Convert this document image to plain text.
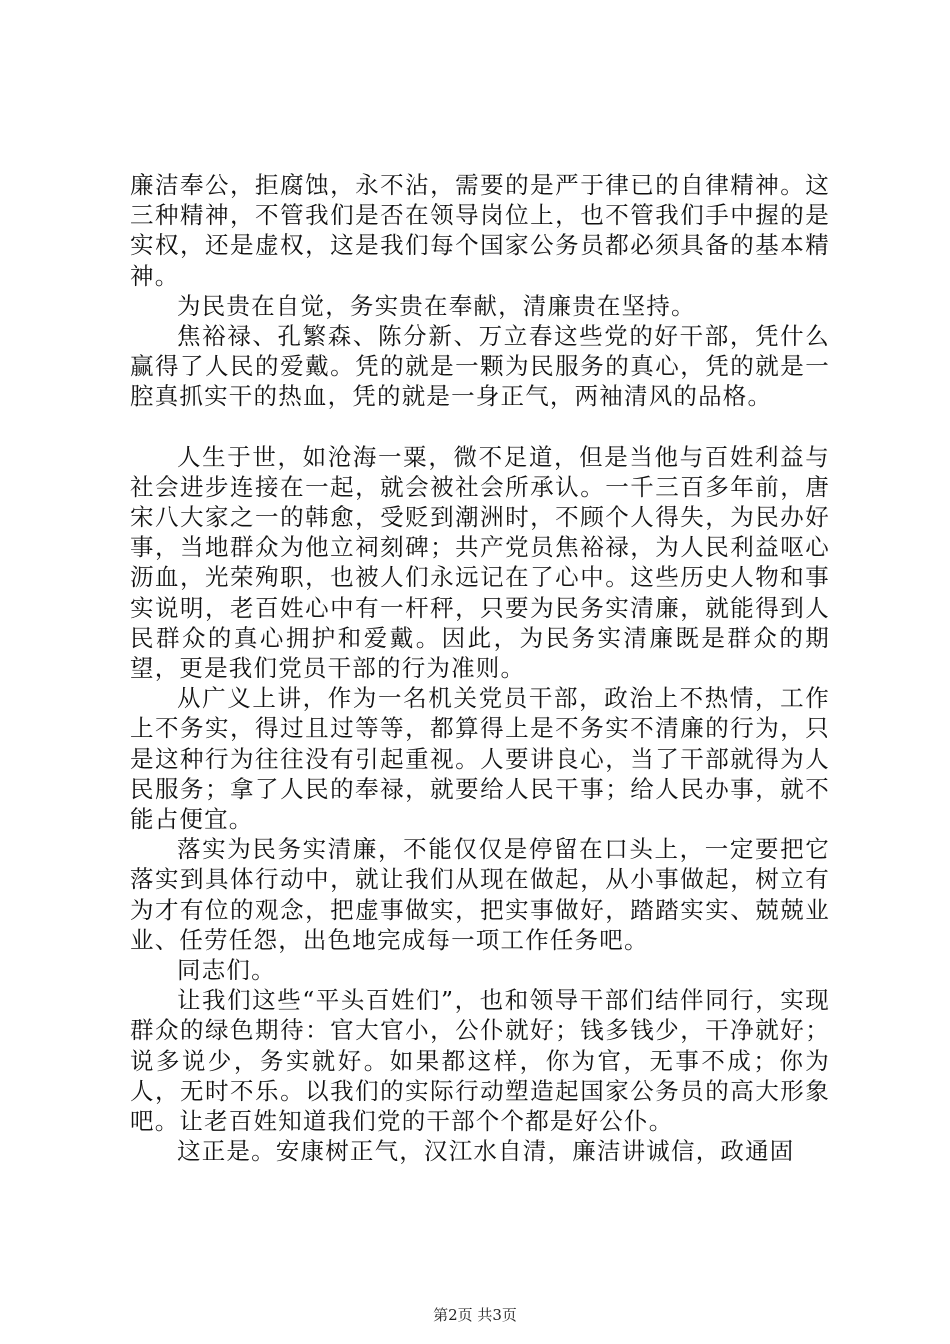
廉洁奉公，拒腐蚀，永不沾，需要的是严于律已的自律精神。这三种精神，不管我们是否在领导岗位上，也不管我们手中握的是实权，还是虚权，这是我们每个国家公务员都必须具备的基本精神。

为民贵在自觉，务实贵在奉献，清廉贵在坚持。

焦裕禄、孔繁森、陈分新、万立春这些党的好干部，凭什么赢得了人民的爱戴。凭的就是一颗为民服务的真心，凭的就是一腔真抓实干的热血，凭的就是一身正气，两袖清风的品格。

人生于世，如沧海一粟，微不足道，但是当他与百姓利益与社会进步连接在一起，就会被社会所承认。一千三百多年前，唐宋八大家之一的韩愈，受贬到潮洲时，不顾个人得失，为民办好事，当地群众为他立祠刻碑；共产党员焦裕禄，为人民利益呕心沥血，光荣殉职，也被人们永远记在了心中。这些历史人物和事实说明，老百姓心中有一杆秤，只要为民务实清廉，就能得到人民群众的真心拥护和爱戴。因此，为民务实清廉既是群众的期望，更是我们党员干部的行为准则。

从广义上讲，作为一名机关党员干部，政治上不热情，工作上不务实，得过且过等等，都算得上是不务实不清廉的行为，只是这种行为往往没有引起重视。人要讲良心，当了干部就得为人民服务；拿了人民的奉禄，就要给人民干事；给人民办事，就不能占便宜。

落实为民务实清廉，不能仅仅是停留在口头上，一定要把它落实到具体行动中，就让我们从现在做起，从小事做起，树立有为才有位的观念，把虚事做实，把实事做好，踏踏实实、兢兢业业、任劳任怨，出色地完成每一项工作任务吧。

同志们。

让我们这些“平头百姓们”，也和领导干部们结伴同行，实现群众的绿色期待：官大官小，公仆就好；钱多钱少，干净就好；说多说少，务实就好。如果都这样，你为官，无事不成；你为人，无时不乐。以我们的实际行动塑造起国家公务员的高大形象吧。让老百姓知道我们党的干部个个都是好公仆。

这正是。安康树正气，汉江水自清，廉洁讲诚信，政通固

第2页 共3页
